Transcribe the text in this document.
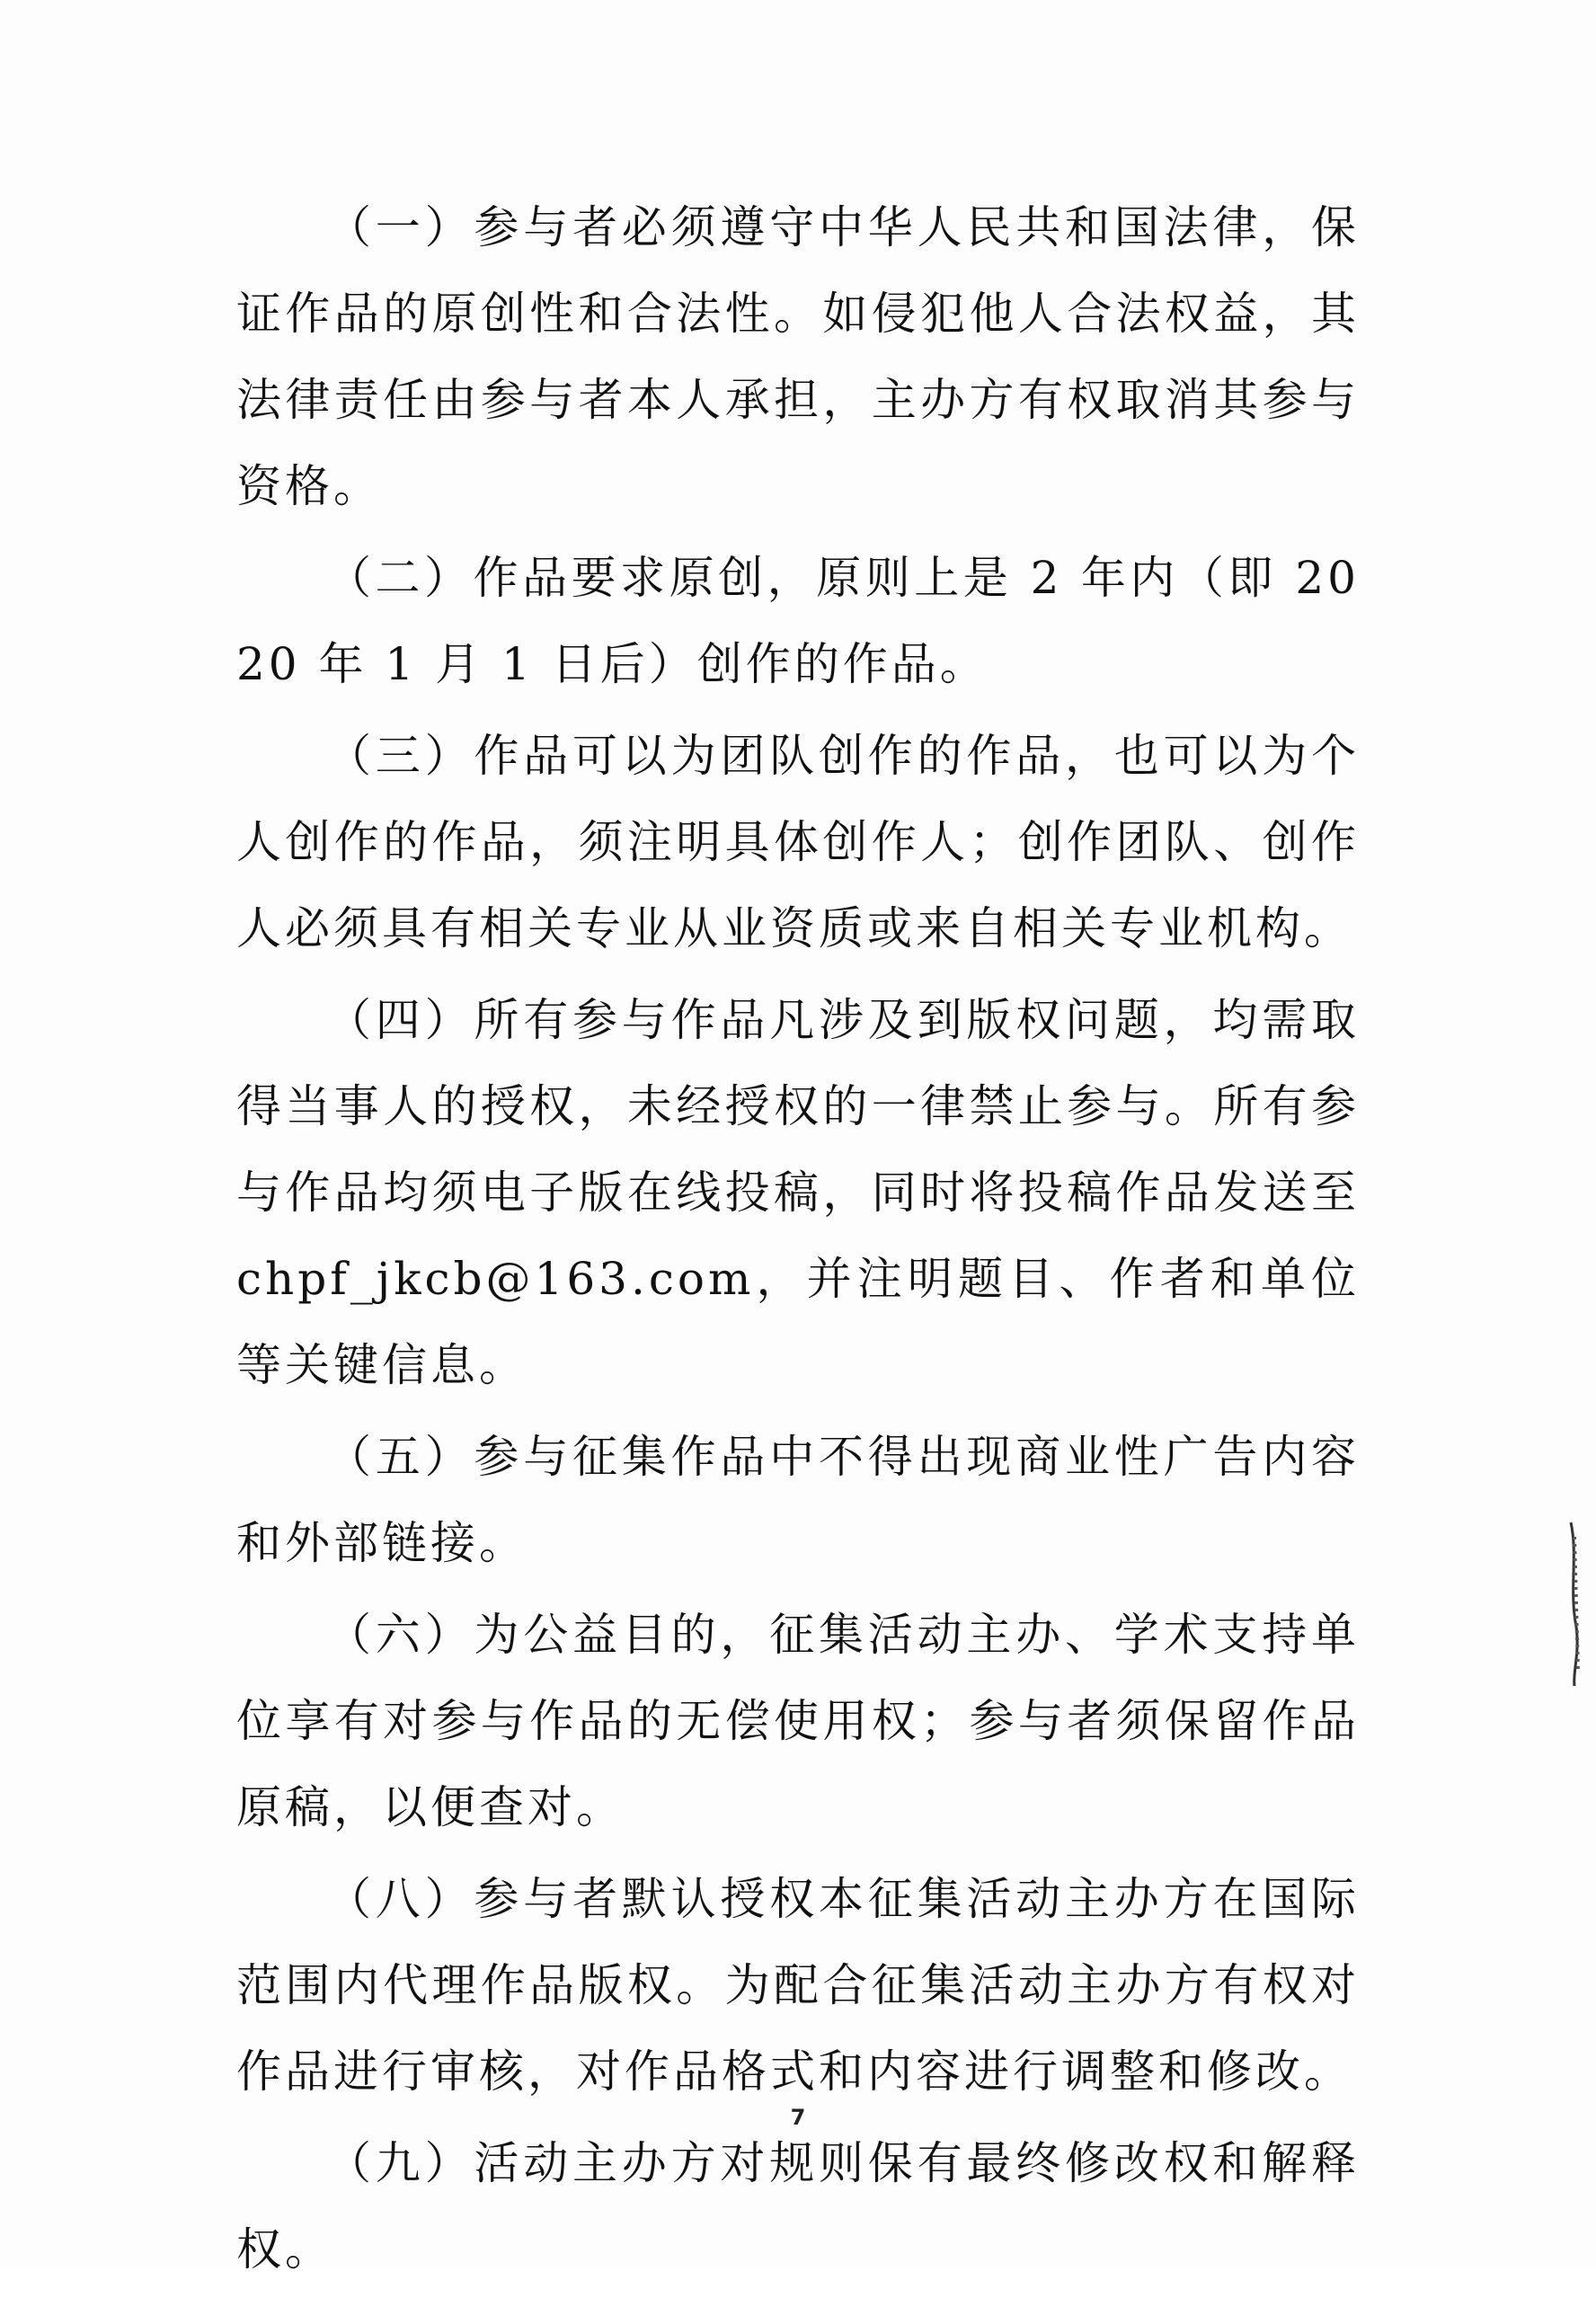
（一）参与者必须遵守中华人民共和国法律，保证作品的原创性和合法性。如侵犯他人合法权益，其法律责任由参与者本人承担，主办方有权取消其参与资格。

（二）作品要求原创，原则上是 2 年内（即 2020 年 1 月 1 日后）创作的作品。

（三）作品可以为团队创作的作品，也可以为个人创作的作品，须注明具体创作人；创作团队、创作人必须具有相关专业从业资质或来自相关专业机构。

（四）所有参与作品凡涉及到版权问题，均需取得当事人的授权，未经授权的一律禁止参与。所有参与作品均须电子版在线投稿，同时将投稿作品发送至 chpf_jkcb@163.com，并注明题目、作者和单位等关键信息。

（五）参与征集作品中不得出现商业性广告内容和外部链接。

（六）为公益目的，征集活动主办、学术支持单位享有对参与作品的无偿使用权；参与者须保留作品原稿，以便查对。

（八）参与者默认授权本征集活动主办方在国际范围内代理作品版权。为配合征集活动主办方有权对作品进行审核，对作品格式和内容进行调整和修改。

（九）活动主办方对规则保有最终修改权和解释权。

7
